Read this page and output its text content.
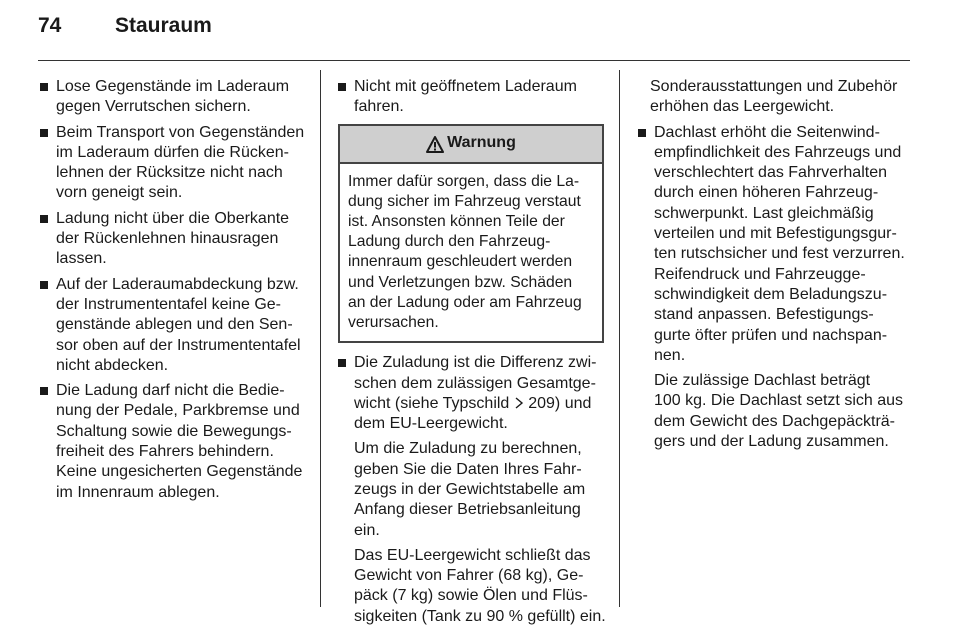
74	Stauraum
Lose Gegenstände im Laderaum
gegen Verrutschen sichern.
Beim Transport von Gegenständen
im Laderaum dürfen die Rücken-
lehnen der Rücksitze nicht nach
vorn geneigt sein.
Ladung nicht über die Oberkante
der Rückenlehnen hinausragen
lassen.
Auf der Laderaumabdeckung bzw.
der Instrumententafel keine Ge-
genstände ablegen und den Sen-
sor oben auf der Instrumententafel
nicht abdecken.
Die Ladung darf nicht die Bedie-
nung der Pedale, Parkbremse und
Schaltung sowie die Bewegungs-
freiheit des Fahrers behindern.
Keine ungesicherten Gegenstände
im Innenraum ablegen.
Nicht mit geöffnetem Laderaum
fahren.
Warnung
Immer dafür sorgen, dass die La-
dung sicher im Fahrzeug verstaut
ist. Ansonsten können Teile der
Ladung durch den Fahrzeug-
innenraum geschleudert werden
und Verletzungen bzw. Schäden
an der Ladung oder am Fahrzeug
verursachen.
Die Zuladung ist die Differenz zwi-
schen dem zulässigen Gesamtge-
wicht (siehe Typschild  209) und
dem EU-Leergewicht.
Um die Zuladung zu berechnen,
geben Sie die Daten Ihres Fahr-
zeugs in der Gewichtstabelle am
Anfang dieser Betriebsanleitung
ein.
Das EU-Leergewicht schließt das
Gewicht von Fahrer (68 kg), Ge-
päck (7 kg) sowie Ölen und Flüs-
sigkeiten (Tank zu 90 % gefüllt) ein.
Sonderausstattungen und Zubehör
erhöhen das Leergewicht.
Dachlast erhöht die Seitenwind-
empfindlichkeit des Fahrzeugs und
verschlechtert das Fahrverhalten
durch einen höheren Fahrzeug-
schwerpunkt. Last gleichmäßig
verteilen und mit Befestigungsgur-
ten rutschsicher und fest verzurren.
Reifendruck und Fahrzeugge-
schwindigkeit dem Beladungszu-
stand anpassen. Befestigungs-
gurte öfter prüfen und nachspan-
nen.
Die zulässige Dachlast beträgt
100 kg. Die Dachlast setzt sich aus
dem Gewicht des Dachgepäckträ-
gers und der Ladung zusammen.
